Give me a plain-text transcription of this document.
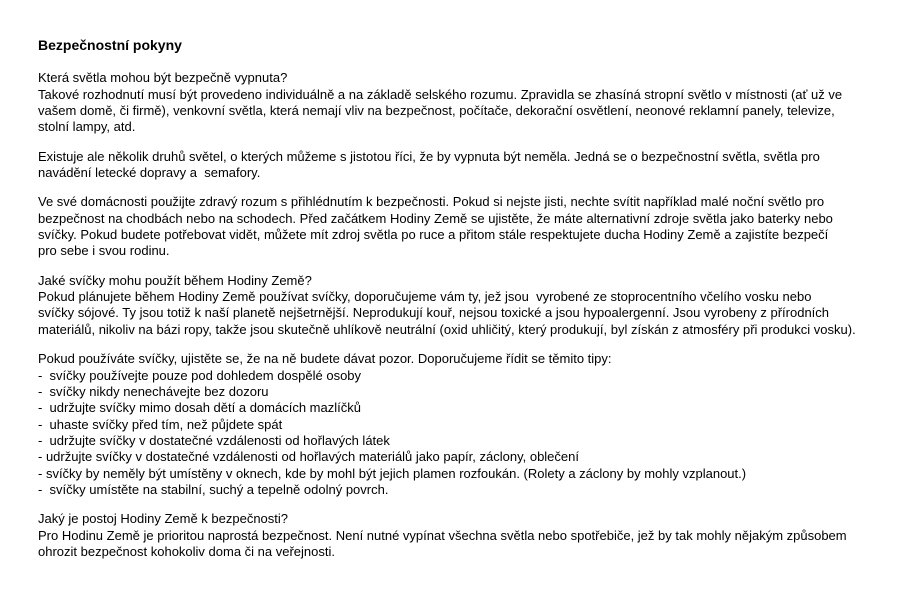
Bezpečnostní pokyny
Která světla mohou být bezpečně vypnuta?
Takové rozhodnutí musí být provedeno individuálně a na základě selského rozumu. Zpravidla se zhasíná stropní světlo v místnosti (ať už ve
vašem domě, či firmě), venkovní světla, která nemají vliv na bezpečnost, počítače, dekorační osvětlení, neonové reklamní panely, televize,
stolní lampy, atd.
Existuje ale několik druhů světel, o kterých můžeme s jistotou říci, že by vypnuta být neměla. Jedná se o bezpečnostní světla, světla pro
navádění letecké dopravy a  semafory.
Ve své domácnosti použijte zdravý rozum s přihlédnutím k bezpečnosti. Pokud si nejste jisti, nechte svítit například malé noční světlo pro
bezpečnost na chodbách nebo na schodech. Před začátkem Hodiny Země se ujistěte, že máte alternativní zdroje světla jako baterky nebo
svíčky. Pokud budete potřebovat vidět, můžete mít zdroj světla po ruce a přitom stále respektujete ducha Hodiny Země a zajistíte bezpečí
pro sebe i svou rodinu.
Jaké svíčky mohu použít během Hodiny Země?
Pokud plánujete během Hodiny Země používat svíčky, doporučujeme vám ty, jež jsou  vyrobené ze stoprocentního včelího vosku nebo
svíčky sójové. Ty jsou totiž k naší planetě nejšetrnější. Neprodukují kouř, nejsou toxické a jsou hypoalergenní. Jsou vyrobeny z přírodních
materiálů, nikoliv na bázi ropy, takže jsou skutečně uhlíkově neutrální (oxid uhličitý, který produkují, byl získán z atmosféry při produkci vosku).
Pokud používáte svíčky, ujistěte se, že na ně budete dávat pozor. Doporučujeme řídit se těmito tipy:
-  svíčky používejte pouze pod dohledem dospělé osoby
-  svíčky nikdy nenechávejte bez dozoru
-  udržujte svíčky mimo dosah dětí a domácích mazlíčků
-  uhaste svíčky před tím, než půjdete spát
-  udržujte svíčky v dostatečné vzdálenosti od hořlavých látek
- udržujte svíčky v dostatečné vzdálenosti od hořlavých materiálů jako papír, záclony, oblečení
- svíčky by neměly být umístěny v oknech, kde by mohl být jejich plamen rozfoukán. (Rolety a záclony by mohly vzplanout.)
-  svíčky umístěte na stabilní, suchý a tepelně odolný povrch.
Jaký je postoj Hodiny Země k bezpečnosti?
Pro Hodinu Země je prioritou naprostá bezpečnost. Není nutné vypínat všechna světla nebo spotřebiče, jež by tak mohly nějakým způsobem
ohrozit bezpečnost kohokoliv doma či na veřejnosti.
